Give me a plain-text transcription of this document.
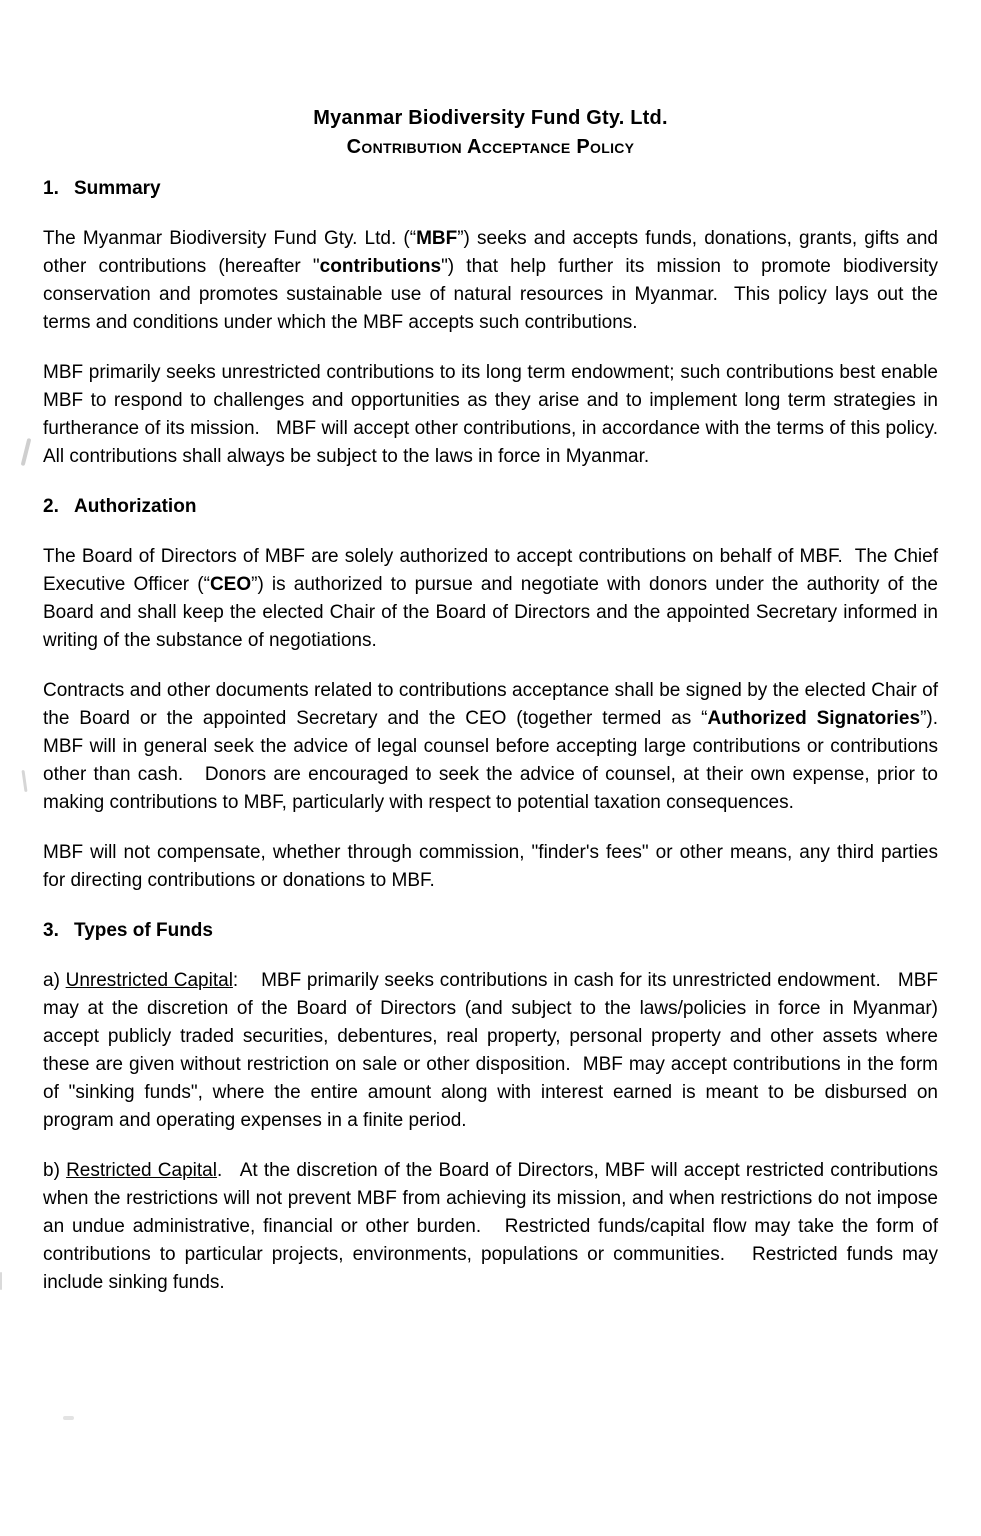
Myanmar Biodiversity Fund Gty. Ltd.
Contribution Acceptance Policy
1. Summary

The Myanmar Biodiversity Fund Gty. Ltd. (“MBF”) seeks and accepts funds, donations, grants, gifts and other contributions (hereafter "contributions") that help further its mission to promote biodiversity conservation and promotes sustainable use of natural resources in Myanmar.  This policy lays out the terms and conditions under which the MBF accepts such contributions.

MBF primarily seeks unrestricted contributions to its long term endowment; such contributions best enable MBF to respond to challenges and opportunities as they arise and to implement long term strategies in furtherance of its mission.   MBF will accept other contributions, in accordance with the terms of this policy.  All contributions shall always be subject to the laws in force in Myanmar.

2. Authorization

The Board of Directors of MBF are solely authorized to accept contributions on behalf of MBF.  The Chief Executive Officer (“CEO”) is authorized to pursue and negotiate with donors under the authority of the Board and shall keep the elected Chair of the Board of Directors and the appointed Secretary informed in writing of the substance of negotiations.

Contracts and other documents related to contributions acceptance shall be signed by the elected Chair of the Board or the appointed Secretary and the CEO (together termed as “Authorized Signatories”).    MBF will in general seek the advice of legal counsel before accepting large contributions or contributions other than cash.   Donors are encouraged to seek the advice of counsel, at their own expense, prior to making contributions to MBF, particularly with respect to potential taxation consequences.

MBF will not compensate, whether through commission, "finder's fees" or other means, any third parties for directing contributions or donations to MBF.

3. Types of Funds

a) Unrestricted Capital:    MBF primarily seeks contributions in cash for its unrestricted endowment.   MBF may at the discretion of the Board of Directors (and subject to the laws/policies in force in Myanmar) accept publicly traded securities, debentures, real property, personal property and other assets where these are given without restriction on sale or other disposition.  MBF may accept contributions in the form of "sinking funds", where the entire amount along with interest earned is meant to be disbursed on program and operating expenses in a finite period.

b) Restricted Capital.   At the discretion of the Board of Directors, MBF will accept restricted contributions when the restrictions will not prevent MBF from achieving its mission, and when restrictions do not impose an undue administrative, financial or other burden.   Restricted funds/capital flow may take the form of contributions to particular projects, environments, populations or communities.   Restricted funds may include sinking funds.
